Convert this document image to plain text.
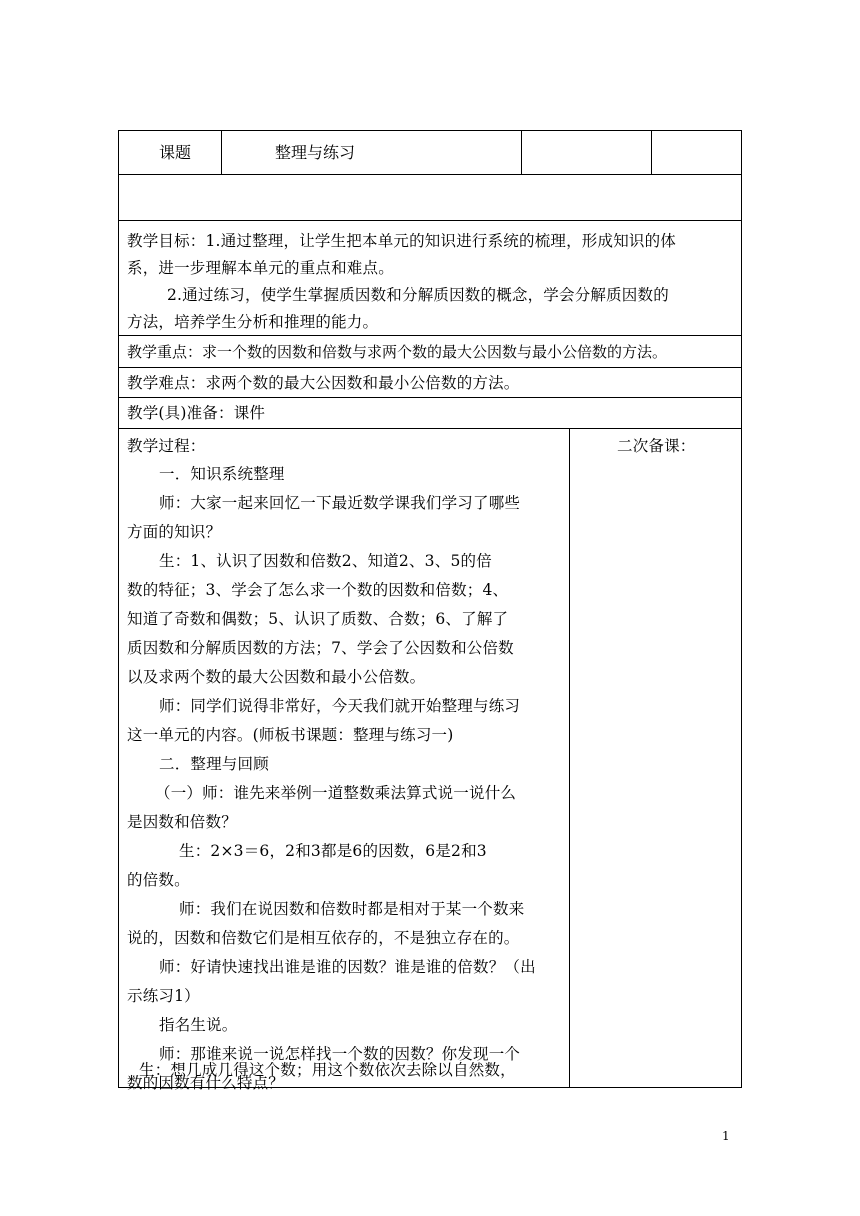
课题	整理与练习
教学目标：1.通过整理，让学生把本单元的知识进行系统的梳理，形成知识的体
系，进一步理解本单元的重点和难点。
2.通过练习，使学生掌握质因数和分解质因数的概念，学会分解质因数的
方法，培养学生分析和推理的能力。
教学重点：求一个数的因数和倍数与求两个数的最大公因数与最小公倍数的方法。
教学难点：求两个数的最大公因数和最小公倍数的方法。
教学(具)准备：课件
教学过程：	二次备课：
一．知识系统整理
师：大家一起来回忆一下最近数学课我们学习了哪些
方面的知识？
生：1、认识了因数和倍数2、知道2、3、5的倍
数的特征；3、学会了怎么求一个数的因数和倍数；4、
知道了奇数和偶数；5、认识了质数、合数；6、了解了
质因数和分解质因数的方法；7、学会了公因数和公倍数
以及求两个数的最大公因数和最小公倍数。
师：同学们说得非常好，今天我们就开始整理与练习
这一单元的内容。(师板书课题：整理与练习一)
二．整理与回顾
（一）师：谁先来举例一道整数乘法算式说一说什么
是因数和倍数？
生：2×3＝6，2和3都是6的因数，6是2和3
的倍数。
师：我们在说因数和倍数时都是相对于某一个数来
说的，因数和倍数它们是相互依存的，不是独立存在的。
师：好请快速找出谁是谁的因数？谁是谁的倍数？（出
示练习1）
指名生说。
师：那谁来说一说怎样找一个数的因数？你发现一个
数的因数有什么特点？
生：想几成几得这个数；用这个数依次去除以自然数，
1
